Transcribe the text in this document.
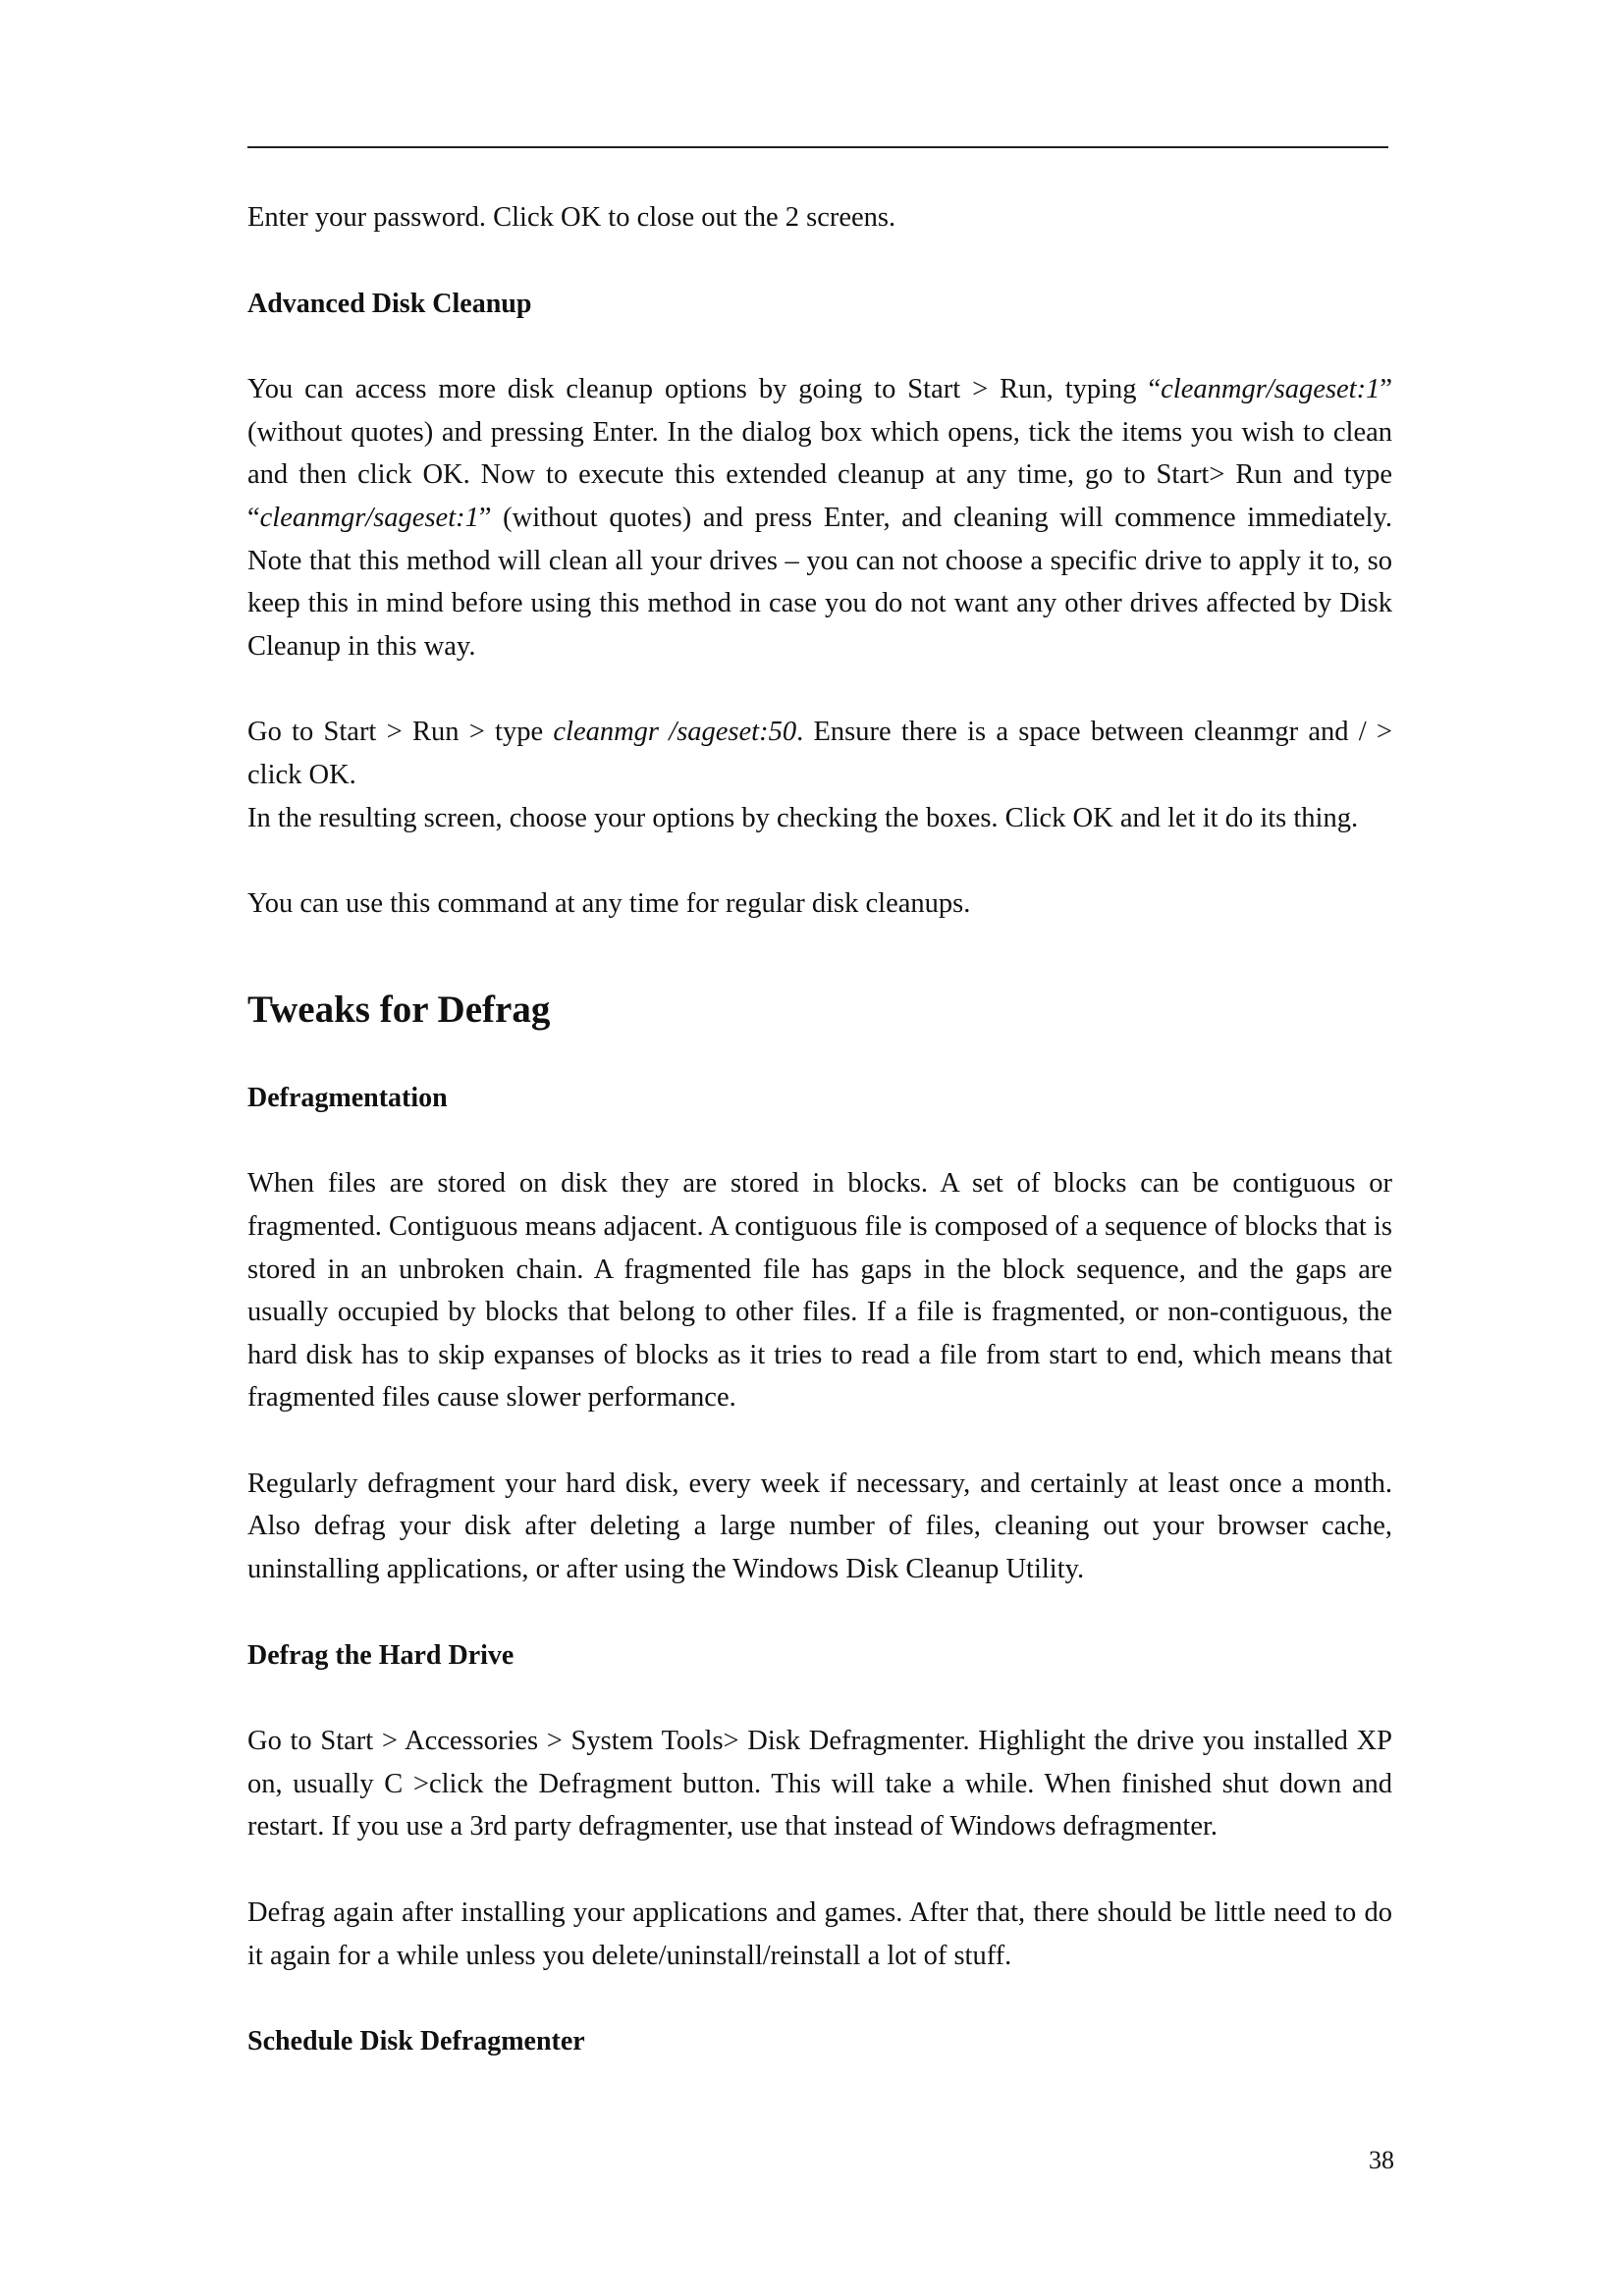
Enter your password. Click OK to close out the 2 screens.

Advanced Disk Cleanup

You can access more disk cleanup options by going to Start > Run, typing “cleanmgr/sageset:1” (without quotes) and pressing Enter. In the dialog box which opens, tick the items you wish to clean and then click OK. Now to execute this extended cleanup at any time, go to Start> Run and type “cleanmgr/sageset:1” (without quotes) and press Enter, and cleaning will commence immediately. Note that this method will clean all your drives – you can not choose a specific drive to apply it to, so keep this in mind before using this method in case you do not want any other drives affected by Disk Cleanup in this way.

Go to Start > Run > type cleanmgr /sageset:50. Ensure there is a space between cleanmgr and / > click OK.

In the resulting screen, choose your options by checking the boxes. Click OK and let it do its thing.

You can use this command at any time for regular disk cleanups.

Tweaks for Defrag
Defragmentation

When files are stored on disk they are stored in blocks. A set of blocks can be contiguous or fragmented. Contiguous means adjacent. A contiguous file is composed of a sequence of blocks that is stored in an unbroken chain. A fragmented file has gaps in the block sequence, and the gaps are usually occupied by blocks that belong to other files. If a file is fragmented, or non-contiguous, the hard disk has to skip expanses of blocks as it tries to read a file from start to end, which means that fragmented files cause slower performance.

Regularly defragment your hard disk, every week if necessary, and certainly at least once a month. Also defrag your disk after deleting a large number of files, cleaning out your browser cache, uninstalling applications, or after using the Windows Disk Cleanup Utility.

Defrag the Hard Drive

Go to Start > Accessories > System Tools> Disk Defragmenter. Highlight the drive you installed XP on, usually C >click the Defragment button. This will take a while. When finished shut down and restart. If you use a 3rd party defragmenter, use that instead of Windows defragmenter.

Defrag again after installing your applications and games. After that, there should be little need to do it again for a while unless you delete/uninstall/reinstall a lot of stuff.

Schedule Disk Defragmenter
38
